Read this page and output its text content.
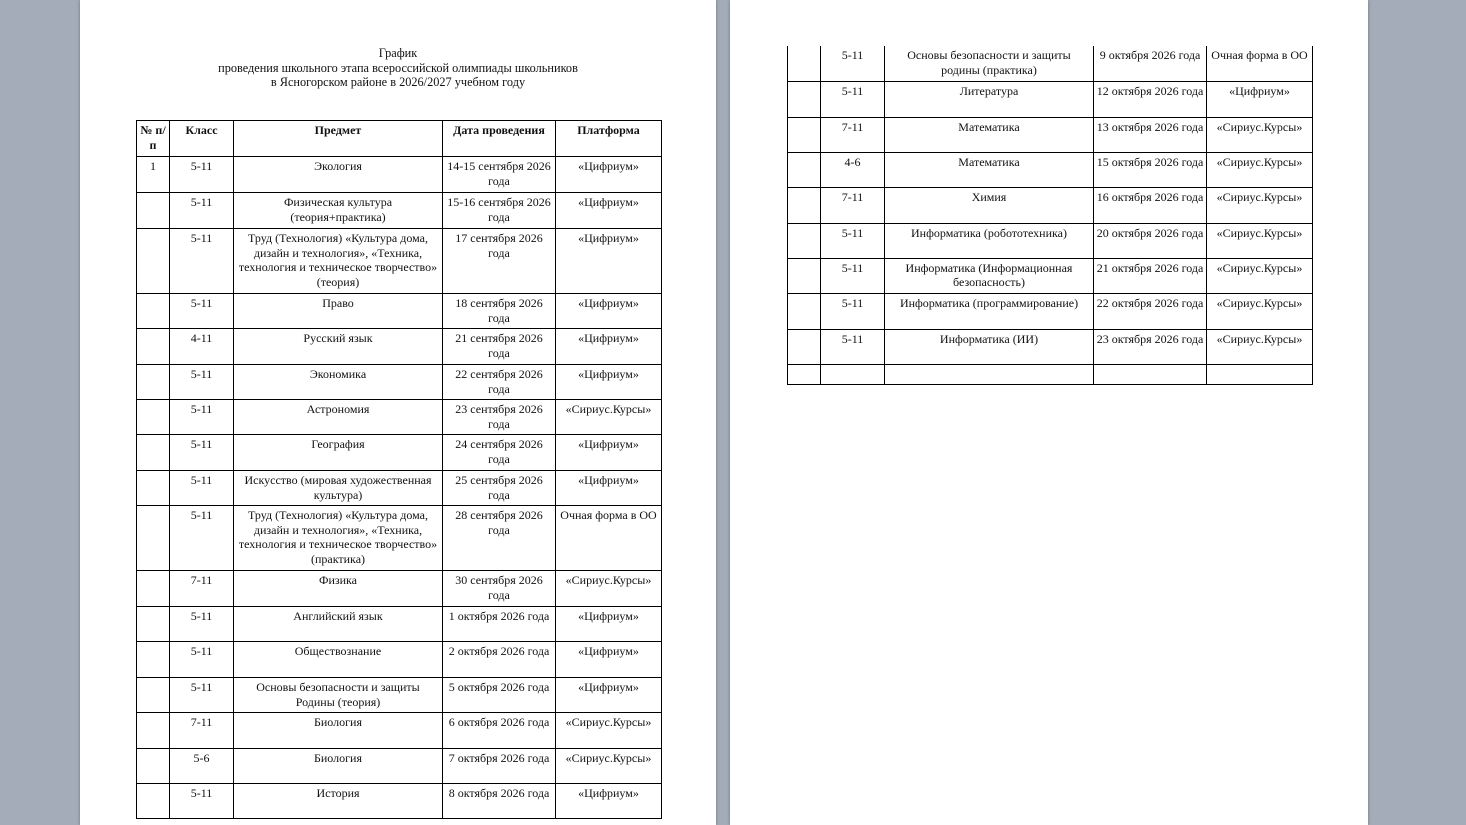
График
проведения школьного этапа всероссийской олимпиады школьников
в Ясногорском районе в 2026/2027 учебном году
№ п/п	Класс	Предмет	Дата проведения	Платформа
1	5-11	Экология	14-15 сентября 2026 года	«Цифриум»
	5-11	Физическая культура (теория+практика)	15-16 сентября 2026 года	«Цифриум»
	5-11	Труд (Технология) «Культура дома, дизайн и технология», «Техника, технология и техническое творчество» (теория)	17 сентября 2026 года	«Цифриум»
	5-11	Право	18 сентября 2026 года	«Цифриум»
	4-11	Русский язык	21 сентября 2026 года	«Цифриум»
	5-11	Экономика	22 сентября 2026 года	«Цифриум»
	5-11	Астрономия	23 сентября 2026 года	«Сириус.Курсы»
	5-11	География	24 сентября 2026 года	«Цифриум»
	5-11	Искусство (мировая художественная культура)	25 сентября 2026 года	«Цифриум»
	5-11	Труд (Технология) «Культура дома, дизайн и технология», «Техника, технология и техническое творчество» (практика)	28 сентября 2026 года	Очная форма в ОО
	7-11	Физика	30 сентября 2026 года	«Сириус.Курсы»
	5-11	Английский язык	1 октября 2026 года	«Цифриум»
	5-11	Обществознание	2 октября 2026 года	«Цифриум»
	5-11	Основы безопасности и защиты Родины (теория)	5 октября 2026 года	«Цифриум»
	7-11	Биология	6 октября 2026 года	«Сириус.Курсы»
	5-6	Биология	7 октября 2026 года	«Сириус.Курсы»
	5-11	История	8 октября 2026 года	«Цифриум»
	5-11	Основы безопасности и защиты родины (практика)	9 октября 2026 года	Очная форма в ОО
	5-11	Литература	12 октября 2026 года	«Цифриум»
	7-11	Математика	13 октября 2026 года	«Сириус.Курсы»
	4-6	Математика	15 октября 2026 года	«Сириус.Курсы»
	7-11	Химия	16 октября 2026 года	«Сириус.Курсы»
	5-11	Информатика (робототехника)	20 октября 2026 года	«Сириус.Курсы»
	5-11	Информатика (Информационная безопасность)	21 октября 2026 года	«Сириус.Курсы»
	5-11	Информатика (программирование)	22 октября 2026 года	«Сириус.Курсы»
	5-11	Информатика (ИИ)	23 октября 2026 года	«Сириус.Курсы»
